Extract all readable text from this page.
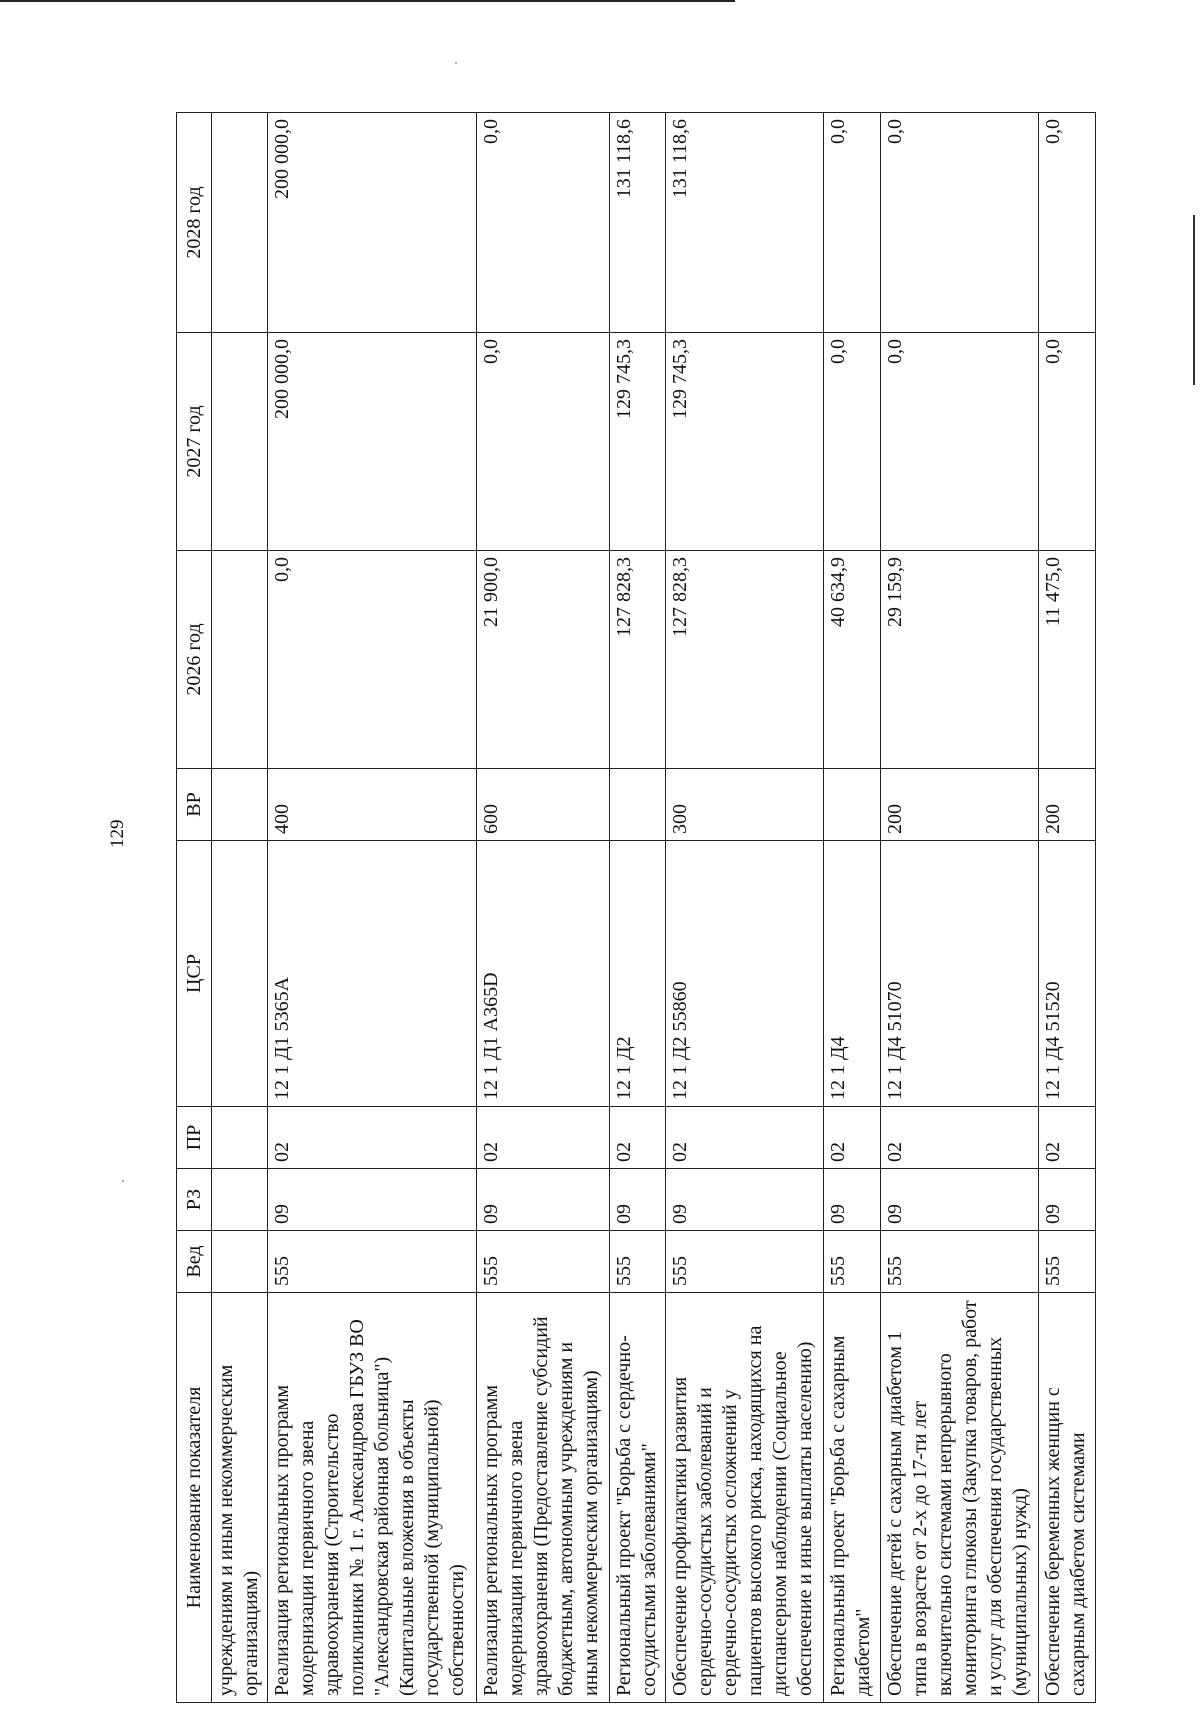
129
Наименование показателя	Вед	РЗ	ПР	ЦСР	ВР	2026 год	2027 год	2028 год
учреждениям и иным некоммерческим организациям)								
Реализация региональных программ модернизации первичного звена здравоохранения (Строительство поликлиники № 1 г. Александрова ГБУЗ ВО "Александровская районная больница") (Капитальные вложения в объекты государственной (муниципальной) собственности)	555	09	02	12 1 Д1 5365А	400	0,0	200 000,0	200 000,0
Реализация региональных программ модернизации первичного звена здравоохранения (Предоставление субсидий бюджетным, автономным учреждениям и иным некоммерческим организациям)	555	09	02	12 1 Д1 А365D	600	21 900,0	0,0	0,0
Региональный проект "Борьба с сердечно-сосудистыми заболеваниями"	555	09	02	12 1 Д2		127 828,3	129 745,3	131 118,6
Обеспечение профилактики развития сердечно-сосудистых заболеваний и сердечно-сосудистых осложнений у пациентов высокого риска, находящихся на диспансерном наблюдении (Социальное обеспечение и иные выплаты населению)	555	09	02	12 1 Д2 55860	300	127 828,3	129 745,3	131 118,6
Региональный проект "Борьба с сахарным диабетом"	555	09	02	12 1 Д4		40 634,9	0,0	0,0
Обеспечение детей с сахарным диабетом 1 типа в возрасте от 2-х до 17-ти лет включительно системами непрерывного мониторинга глюкозы (Закупка товаров, работ и услуг для обеспечения государственных (муниципальных) нужд)	555	09	02	12 1 Д4 51070	200	29 159,9	0,0	0,0
Обеспечение беременных женщин с сахарным диабетом системами	555	09	02	12 1 Д4 51520	200	11 475,0	0,0	0,0
